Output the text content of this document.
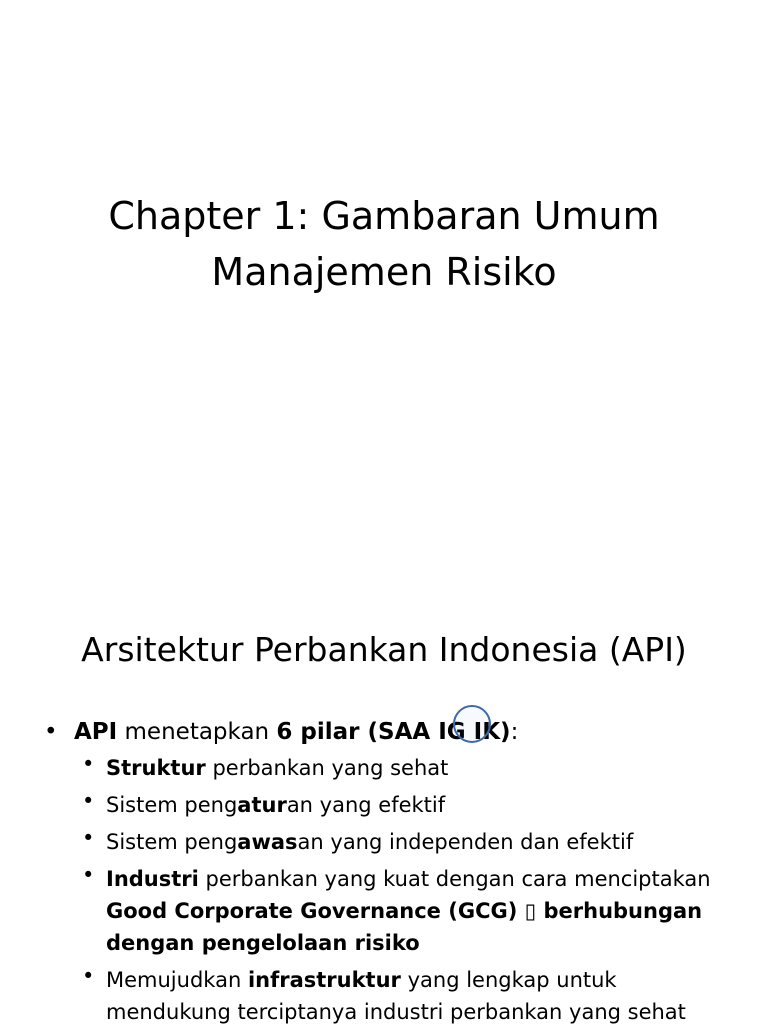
Chapter 1: Gambaran Umum
Manajemen Risiko
Arsitektur Perbankan Indonesia (API)
• API menetapkan 6 pilar (SAA IG IK):
• Struktur perbankan yang sehat
• Sistem pengaturan yang efektif
• Sistem pengawasan yang independen dan efektif
• Industri perbankan yang kuat dengan cara menciptakan Good Corporate Governance (GCG) ▯ berhubungan dengan pengelolaan risiko
• Memujudkan infrastruktur yang lengkap untuk mendukung terciptanya industri perbankan yang sehat
